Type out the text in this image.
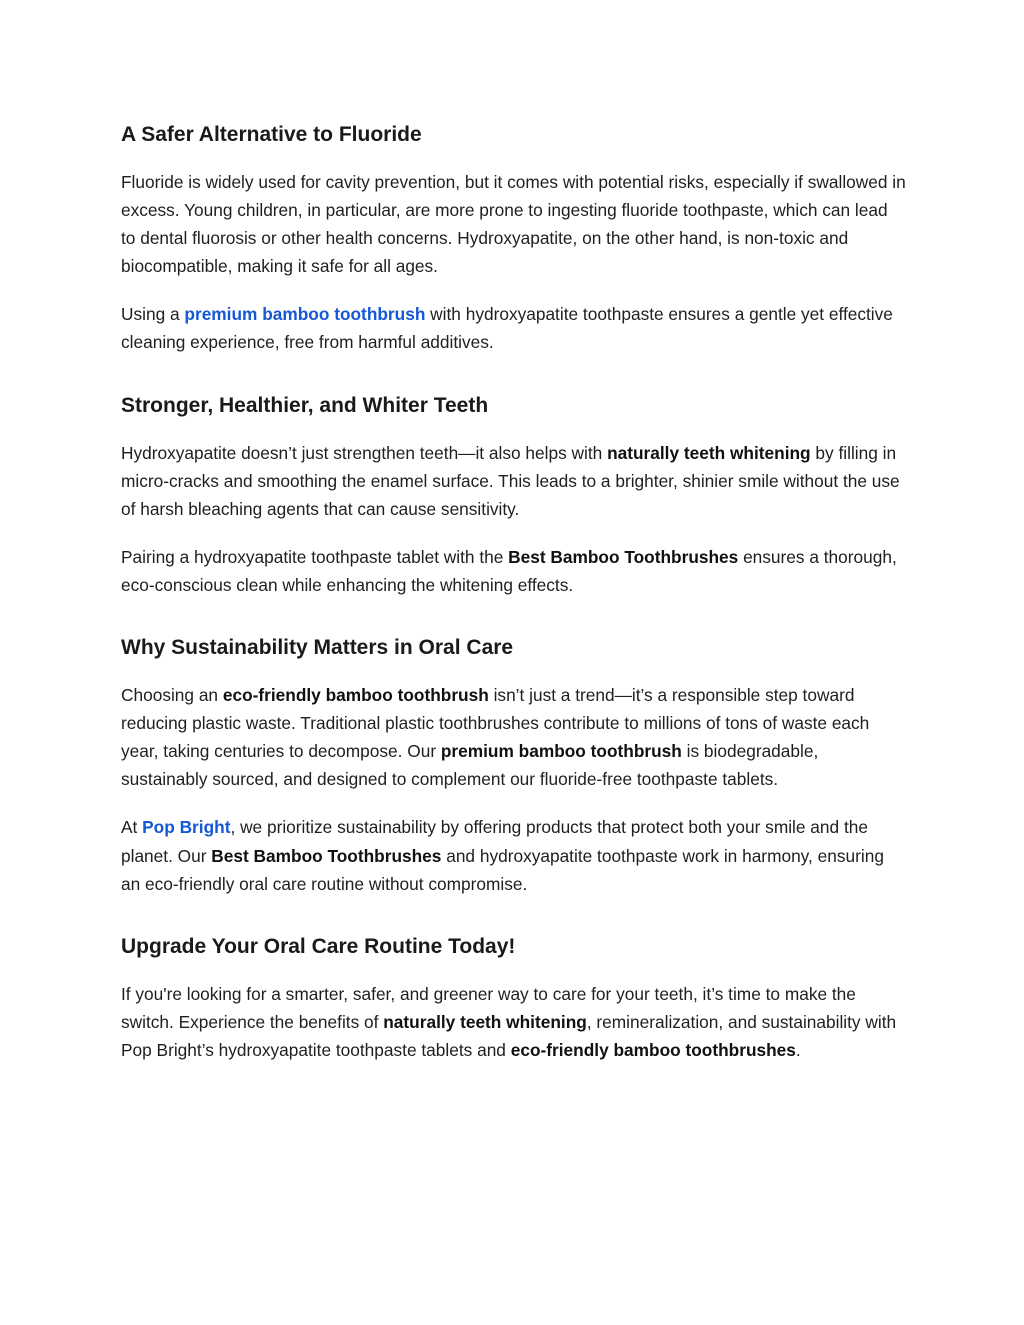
A Safer Alternative to Fluoride

Fluoride is widely used for cavity prevention, but it comes with potential risks, especially if swallowed in excess. Young children, in particular, are more prone to ingesting fluoride toothpaste, which can lead to dental fluorosis or other health concerns. Hydroxyapatite, on the other hand, is non-toxic and biocompatible, making it safe for all ages.

Using a premium bamboo toothbrush with hydroxyapatite toothpaste ensures a gentle yet effective cleaning experience, free from harmful additives.

Stronger, Healthier, and Whiter Teeth

Hydroxyapatite doesn’t just strengthen teeth—it also helps with naturally teeth whitening by filling in micro-cracks and smoothing the enamel surface. This leads to a brighter, shinier smile without the use of harsh bleaching agents that can cause sensitivity.

Pairing a hydroxyapatite toothpaste tablet with the Best Bamboo Toothbrushes ensures a thorough, eco-conscious clean while enhancing the whitening effects.

Why Sustainability Matters in Oral Care

Choosing an eco-friendly bamboo toothbrush isn’t just a trend—it’s a responsible step toward reducing plastic waste. Traditional plastic toothbrushes contribute to millions of tons of waste each year, taking centuries to decompose. Our premium bamboo toothbrush is biodegradable, sustainably sourced, and designed to complement our fluoride-free toothpaste tablets.

At Pop Bright, we prioritize sustainability by offering products that protect both your smile and the planet. Our Best Bamboo Toothbrushes and hydroxyapatite toothpaste work in harmony, ensuring an eco-friendly oral care routine without compromise.

Upgrade Your Oral Care Routine Today!

If you're looking for a smarter, safer, and greener way to care for your teeth, it’s time to make the switch. Experience the benefits of naturally teeth whitening, remineralization, and sustainability with Pop Bright’s hydroxyapatite toothpaste tablets and eco-friendly bamboo toothbrushes.
